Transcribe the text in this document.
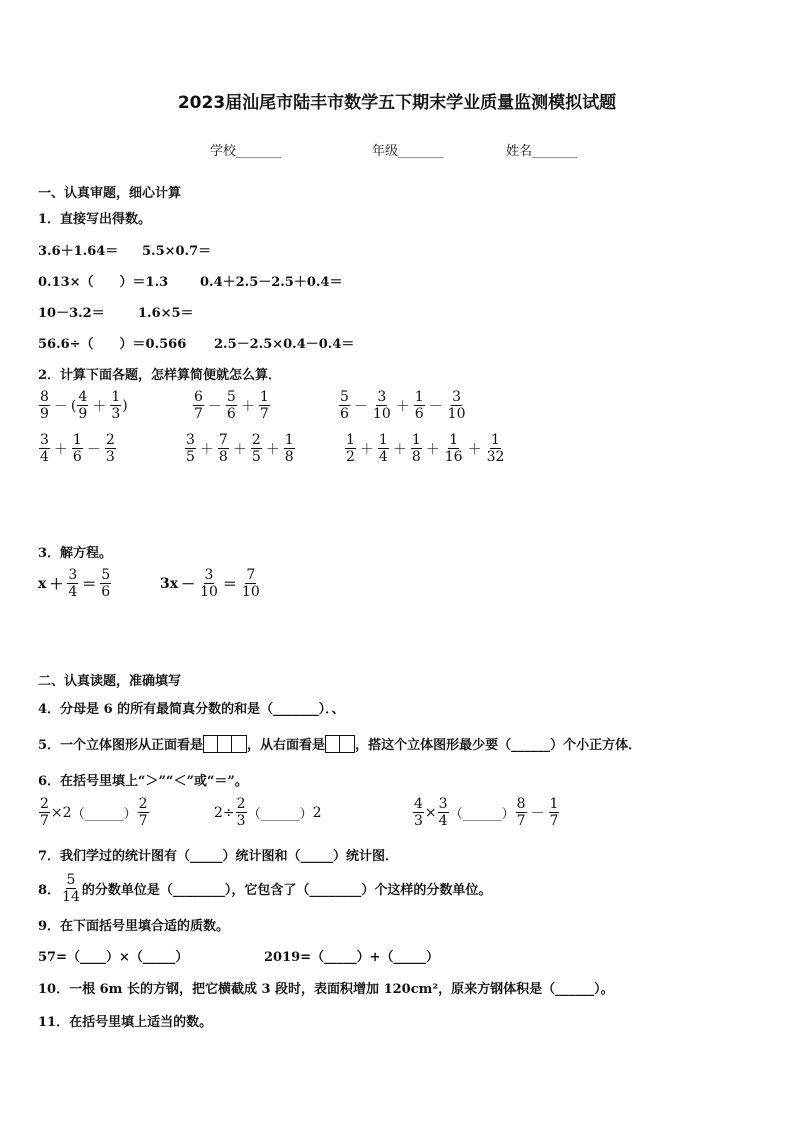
2023届汕尾市陆丰市数学五下期末学业质量监测模拟试题
学校_______	年级_______	姓名_______
一、认真审题，细心计算
1．直接写出得数。
3.6＋1.64＝ 5.5×0.7＝
0.13×（　　）＝1.3 0.4＋2.5－2.5＋0.4＝
10－3.2＝	1.6×5＝
56.6÷（　　）＝0.566 2.5－2.5×0.4－0.4＝
2．计算下面各题，怎样算简便就怎么算．
$\frac{8}{9}$ － ( $\frac{4}{9} + \frac{1}{3}$ )	$\frac{6}{7} - \frac{5}{6} + \frac{1}{7}$	$\frac{5}{6} - \frac{3}{10} + \frac{1}{6} - \frac{3}{10}$
$\frac{3}{4} + \frac{1}{6} - \frac{2}{3}$	$\frac{3}{5} + \frac{7}{8} + \frac{2}{5} + \frac{1}{8}$	$\frac{1}{2} + \frac{1}{4} + \frac{1}{8} + \frac{1}{16} + \frac{1}{32}$
3．解方程。
$x + \frac{3}{4} = \frac{5}{6}$	$3x - \frac{3}{10} = \frac{7}{10}$
二、认真读题，准确填写
4．分母是 6 的所有最简真分数的和是（_______）．、
5．一个立体图形从正面看是	，从右面看是 ，搭这个立体图形最少要（______）个小正方体．
6．在括号里填上“＞”“＜”或“＝”。
$\frac{2}{7} \times 2$ （______） $\frac{2}{7}$	$2 \div \frac{2}{3}$ （______） 2	$\frac{4}{3} \times \frac{3}{4}$ （______） $\frac{8}{7} - \frac{1}{7}$
7．我们学过的统计图有（_____）统计图和（_____）统计图．
8． $\frac{5}{14}$ 的分数单位是（________），它包含了（________）个这样的分数单位。
9．在下面括号里填合适的质数。
57=（____）×（_____）	2019=（_____）+（_____）
10．一根 6m 长的方钢，把它横截成 3 段时，表面积增加 120cm²，原来方钢体积是（______）。
11．在括号里填上适当的数。
